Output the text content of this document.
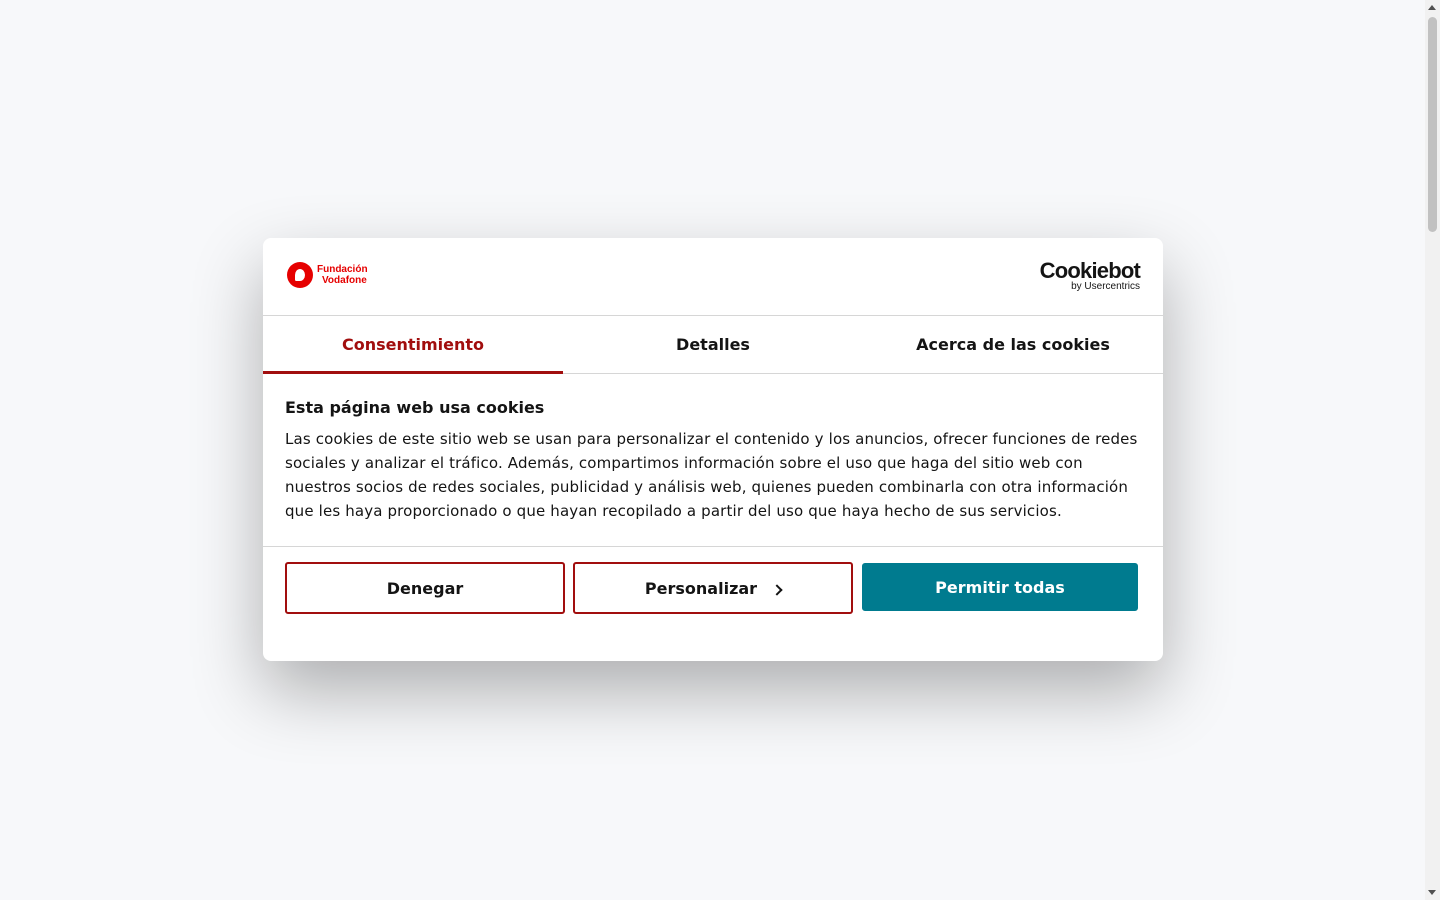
Fundación
Vodafone	Cookiebot
by Usercentrics
Consentimiento	Detalles	Acerca de las cookies
Esta página web usa cookies

Las cookies de este sitio web se usan para personalizar el contenido y los anuncios, ofrecer funciones de redes sociales y analizar el tráfico. Además, compartimos información sobre el uso que haga del sitio web con nuestros socios de redes sociales, publicidad y análisis web, quienes pueden combinarla con otra información que les haya proporcionado o que hayan recopilado a partir del uso que haya hecho de sus servicios.

Denegar	Personalizar	Permitir todas
